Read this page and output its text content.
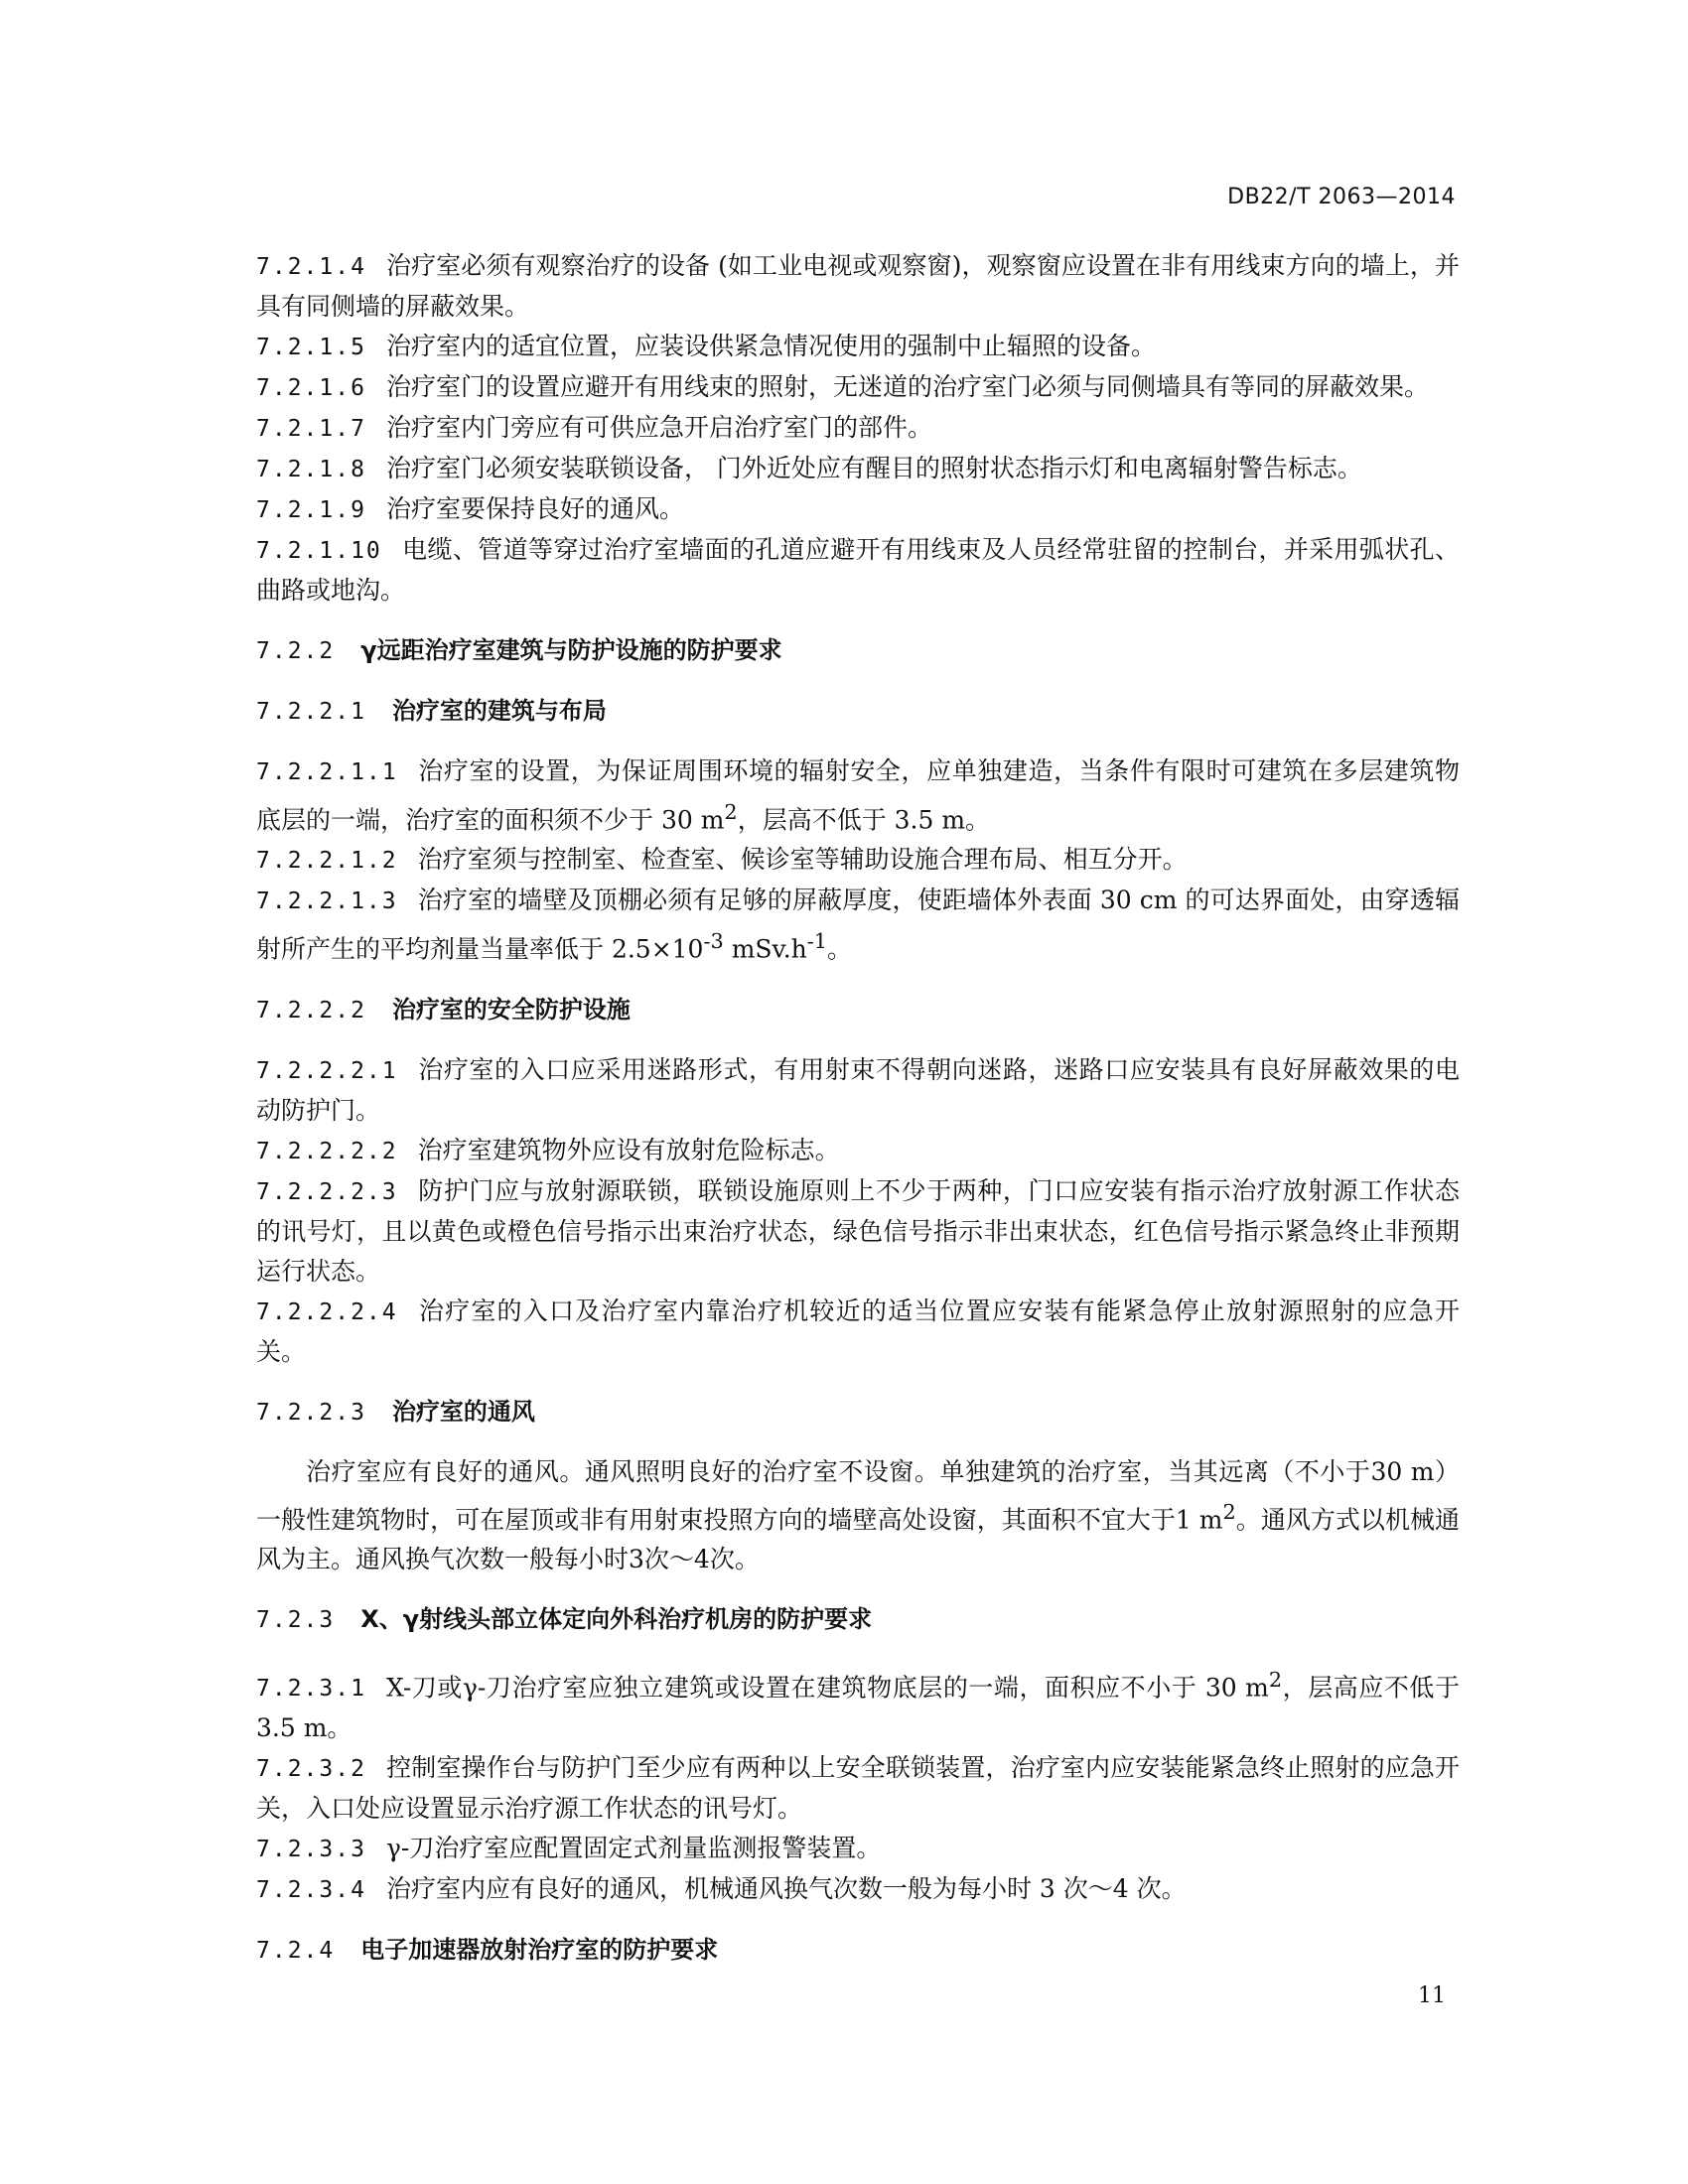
DB22/T 2063—2014

7.2.1.4 治疗室必须有观察治疗的设备 (如工业电视或观察窗)，观察窗应设置在非有用线束方向的墙上，并具有同侧墙的屏蔽效果。

7.2.1.5 治疗室内的适宜位置，应装设供紧急情况使用的强制中止辐照的设备。

7.2.1.6 治疗室门的设置应避开有用线束的照射，无迷道的治疗室门必须与同侧墙具有等同的屏蔽效果。

7.2.1.7 治疗室内门旁应有可供应急开启治疗室门的部件。

7.2.1.8 治疗室门必须安装联锁设备， 门外近处应有醒目的照射状态指示灯和电离辐射警告标志。

7.2.1.9 治疗室要保持良好的通风。

7.2.1.10 电缆、管道等穿过治疗室墙面的孔道应避开有用线束及人员经常驻留的控制台，并采用弧状孔、曲路或地沟。

7.2.2 γ远距治疗室建筑与防护设施的防护要求

7.2.2.1 治疗室的建筑与布局

7.2.2.1.1 治疗室的设置，为保证周围环境的辐射安全，应单独建造，当条件有限时可建筑在多层建筑物底层的一端，治疗室的面积须不少于 30 $m^2$，层高不低于 3.5 m。

7.2.2.1.2 治疗室须与控制室、检查室、候诊室等辅助设施合理布局、相互分开。

7.2.2.1.3 治疗室的墙壁及顶棚必须有足够的屏蔽厚度，使距墙体外表面 30 cm 的可达界面处，由穿透辐射所产生的平均剂量当量率低于 $2.5\times 10^{-3}$ $mSv.h^{-1}$。

7.2.2.2 治疗室的安全防护设施

7.2.2.2.1 治疗室的入口应采用迷路形式，有用射束不得朝向迷路，迷路口应安装具有良好屏蔽效果的电动防护门。

7.2.2.2.2 治疗室建筑物外应设有放射危险标志。

7.2.2.2.3 防护门应与放射源联锁，联锁设施原则上不少于两种，门口应安装有指示治疗放射源工作状态的讯号灯，且以黄色或橙色信号指示出束治疗状态，绿色信号指示非出束状态，红色信号指示紧急终止非预期运行状态。

7.2.2.2.4 治疗室的入口及治疗室内靠治疗机较近的适当位置应安装有能紧急停止放射源照射的应急开关。

7.2.2.3 治疗室的通风

治疗室应有良好的通风。通风照明良好的治疗室不设窗。单独建筑的治疗室，当其远离（不小于30 m）一般性建筑物时，可在屋顶或非有用射束投照方向的墙壁高处设窗，其面积不宜大于1 $m^2$。通风方式以机械通风为主。通风换气次数一般每小时3次～4次。

7.2.3 X、γ射线头部立体定向外科治疗机房的防护要求

7.2.3.1 X-刀或γ-刀治疗室应独立建筑或设置在建筑物底层的一端，面积应不小于 30 $m^2$，层高应不低于 3.5 m。

7.2.3.2 控制室操作台与防护门至少应有两种以上安全联锁装置，治疗室内应安装能紧急终止照射的应急开关，入口处应设置显示治疗源工作状态的讯号灯。

7.2.3.3 γ-刀治疗室应配置固定式剂量监测报警装置。

7.2.3.4 治疗室内应有良好的通风，机械通风换气次数一般为每小时 3 次～4 次。

7.2.4 电子加速器放射治疗室的防护要求

11
